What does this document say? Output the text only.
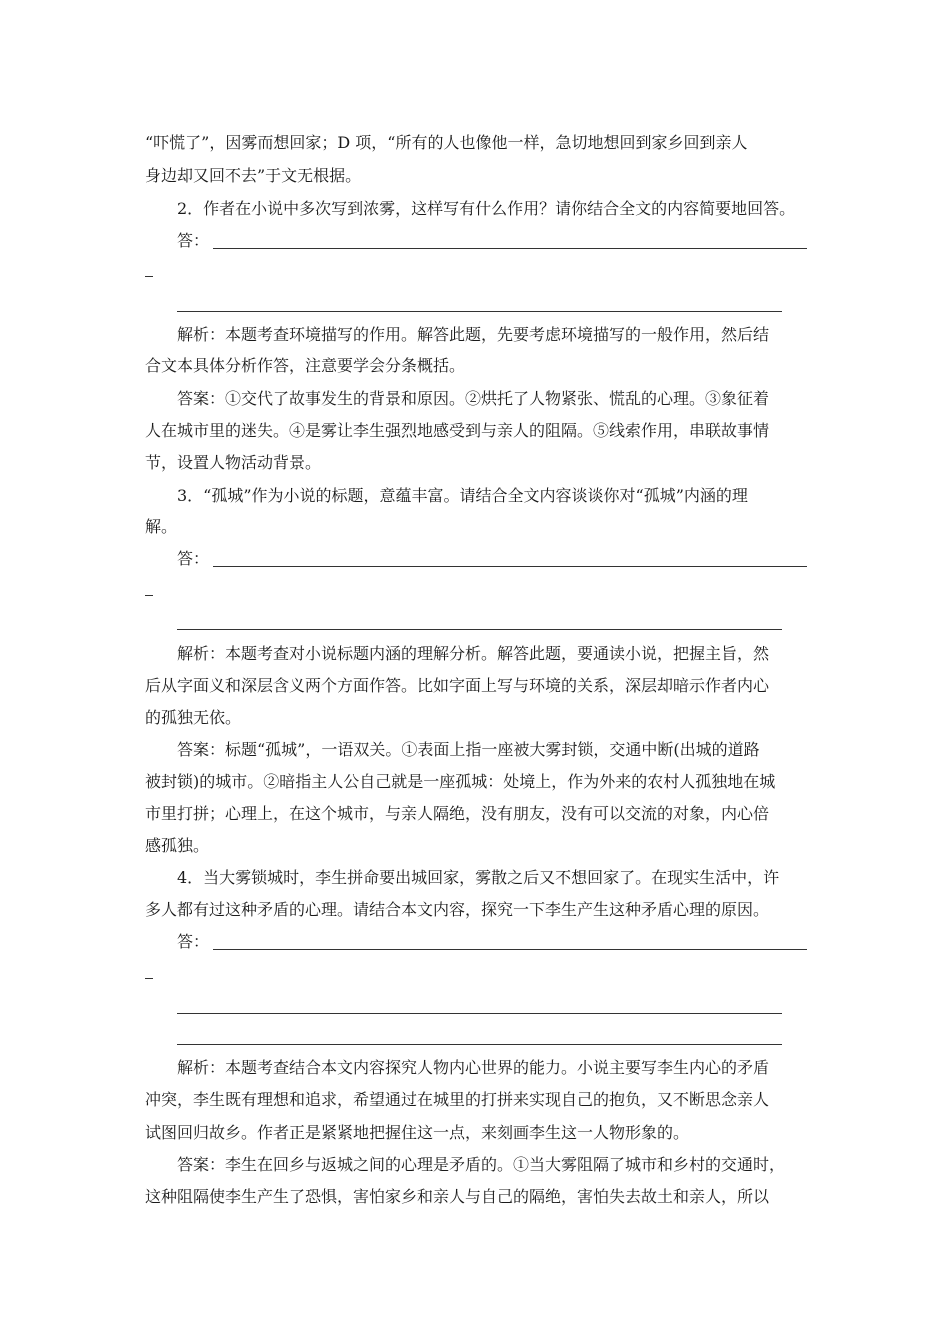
“吓慌了”，因雾而想回家；D 项，“所有的人也像他一样，急切地想回到家乡回到亲人
身边却又回不去”于文无根据。
2．作者在小说中多次写到浓雾，这样写有什么作用？请你结合全文的内容简要地回答。
答：
解析：本题考查环境描写的作用。解答此题，先要考虑环境描写的一般作用，然后结
合文本具体分析作答，注意要学会分条概括。
答案：①交代了故事发生的背景和原因。②烘托了人物紧张、慌乱的心理。③象征着
人在城市里的迷失。④是雾让李生强烈地感受到与亲人的阻隔。⑤线索作用，串联故事情
节，设置人物活动背景。
3．“孤城”作为小说的标题，意蕴丰富。请结合全文内容谈谈你对“孤城”内涵的理
解。
答：
解析：本题考查对小说标题内涵的理解分析。解答此题，要通读小说，把握主旨，然
后从字面义和深层含义两个方面作答。比如字面上写与环境的关系，深层却暗示作者内心
的孤独无依。
答案：标题“孤城”，一语双关。①表面上指一座被大雾封锁，交通中断(出城的道路
被封锁)的城市。②暗指主人公自己就是一座孤城：处境上，作为外来的农村人孤独地在城
市里打拼；心理上，在这个城市，与亲人隔绝，没有朋友，没有可以交流的对象，内心倍
感孤独。
4．当大雾锁城时，李生拼命要出城回家，雾散之后又不想回家了。在现实生活中，许
多人都有过这种矛盾的心理。请结合本文内容，探究一下李生产生这种矛盾心理的原因。
答：
解析：本题考查结合本文内容探究人物内心世界的能力。小说主要写李生内心的矛盾
冲突，李生既有理想和追求，希望通过在城里的打拼来实现自己的抱负，又不断思念亲人
试图回归故乡。作者正是紧紧地把握住这一点，来刻画李生这一人物形象的。
答案：李生在回乡与返城之间的心理是矛盾的。①当大雾阻隔了城市和乡村的交通时，
这种阻隔使李生产生了恐惧，害怕家乡和亲人与自己的隔绝，害怕失去故土和亲人，所以
